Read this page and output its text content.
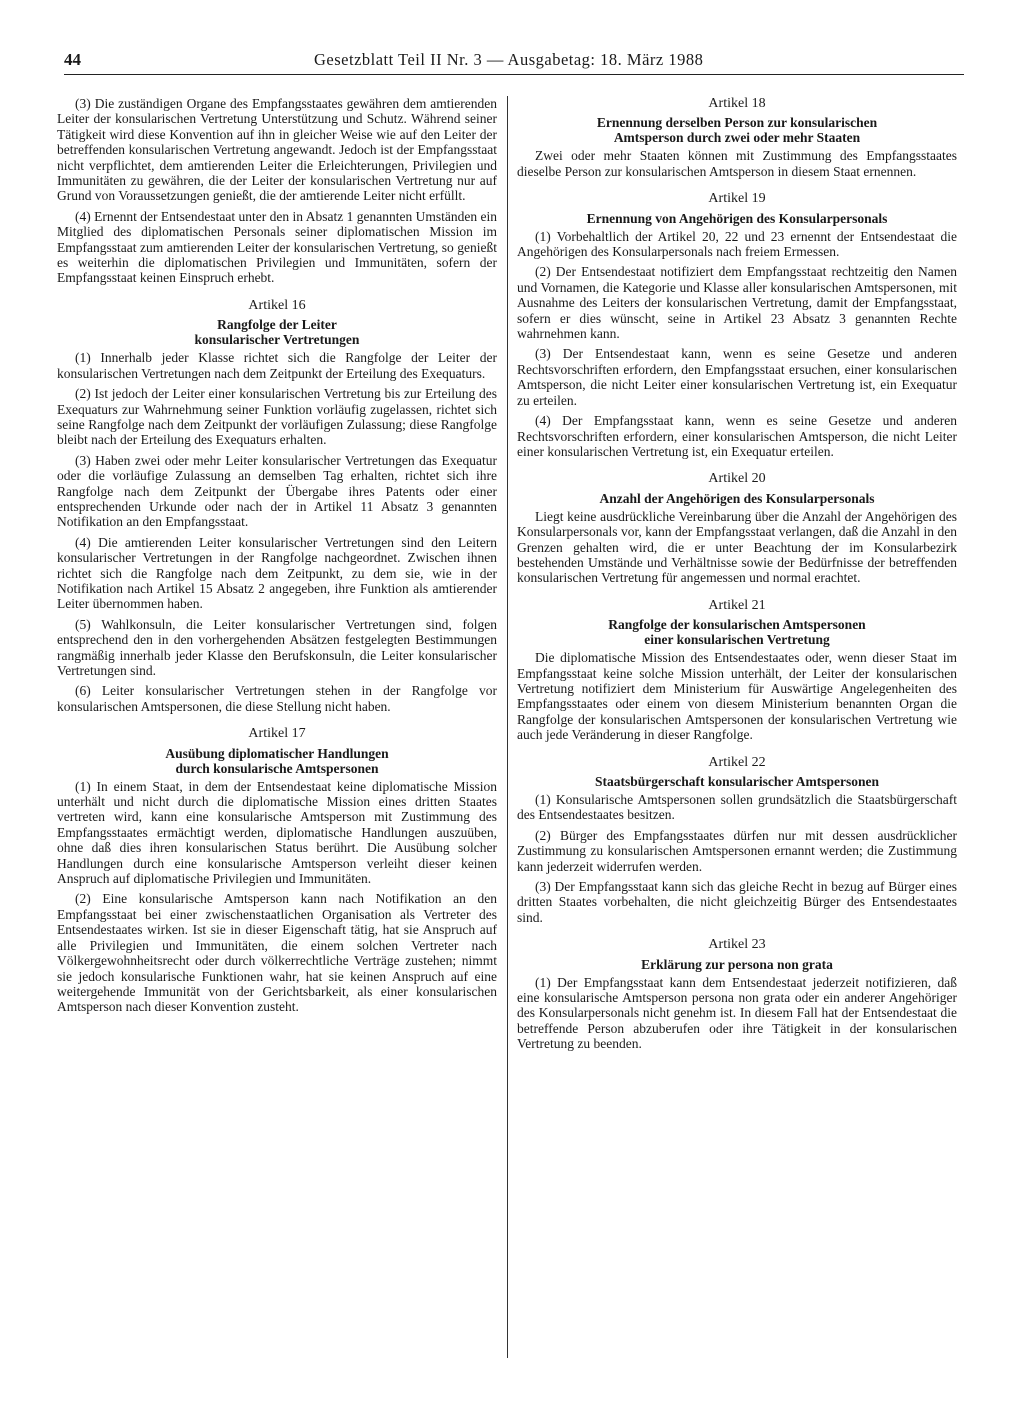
44	Gesetzblatt Teil II Nr. 3 — Ausgabetag: 18. März 1988

(3) Die zuständigen Organe des Empfangsstaates gewähren dem amtierenden Leiter der konsularischen Vertretung Unterstützung und Schutz. Während seiner Tätigkeit wird diese Konvention auf ihn in gleicher Weise wie auf den Leiter der betreffenden konsularischen Vertretung angewandt. Jedoch ist der Empfangsstaat nicht verpflichtet, dem amtierenden Leiter die Erleichterungen, Privilegien und Immunitäten zu gewähren, die der Leiter der konsularischen Vertretung nur auf Grund von Voraussetzungen genießt, die der amtierende Leiter nicht erfüllt.

(4) Ernennt der Entsendestaat unter den in Absatz 1 genannten Umständen ein Mitglied des diplomatischen Personals seiner diplomatischen Mission im Empfangsstaat zum amtierenden Leiter der konsularischen Vertretung, so genießt es weiterhin die diplomatischen Privilegien und Immunitäten, sofern der Empfangsstaat keinen Einspruch erhebt.

Artikel 16
Rangfolge der Leiter
konsularischer Vertretungen

(1) Innerhalb jeder Klasse richtet sich die Rangfolge der Leiter der konsularischen Vertretungen nach dem Zeitpunkt der Erteilung des Exequaturs.

(2) Ist jedoch der Leiter einer konsularischen Vertretung bis zur Erteilung des Exequaturs zur Wahrnehmung seiner Funktion vorläufig zugelassen, richtet sich seine Rangfolge nach dem Zeitpunkt der vorläufigen Zulassung; diese Rangfolge bleibt nach der Erteilung des Exequaturs erhalten.

(3) Haben zwei oder mehr Leiter konsularischer Vertretungen das Exequatur oder die vorläufige Zulassung an demselben Tag erhalten, richtet sich ihre Rangfolge nach dem Zeitpunkt der Übergabe ihres Patents oder einer entsprechenden Urkunde oder nach der in Artikel 11 Absatz 3 genannten Notifikation an den Empfangsstaat.

(4) Die amtierenden Leiter konsularischer Vertretungen sind den Leitern konsularischer Vertretungen in der Rangfolge nachgeordnet. Zwischen ihnen richtet sich die Rangfolge nach dem Zeitpunkt, zu dem sie, wie in der Notifikation nach Artikel 15 Absatz 2 angegeben, ihre Funktion als amtierender Leiter übernommen haben.

(5) Wahlkonsuln, die Leiter konsularischer Vertretungen sind, folgen entsprechend den in den vorhergehenden Absätzen festgelegten Bestimmungen rangmäßig innerhalb jeder Klasse den Berufskonsuln, die Leiter konsularischer Vertretungen sind.

(6) Leiter konsularischer Vertretungen stehen in der Rangfolge vor konsularischen Amtspersonen, die diese Stellung nicht haben.

Artikel 17
Ausübung diplomatischer Handlungen
durch konsularische Amtspersonen

(1) In einem Staat, in dem der Entsendestaat keine diplomatische Mission unterhält und nicht durch die diplomatische Mission eines dritten Staates vertreten wird, kann eine konsularische Amtsperson mit Zustimmung des Empfangsstaates ermächtigt werden, diplomatische Handlungen auszuüben, ohne daß dies ihren konsularischen Status berührt. Die Ausübung solcher Handlungen durch eine konsularische Amtsperson verleiht dieser keinen Anspruch auf diplomatische Privilegien und Immunitäten.

(2) Eine konsularische Amtsperson kann nach Notifikation an den Empfangsstaat bei einer zwischenstaatlichen Organisation als Vertreter des Entsendestaates wirken. Ist sie in dieser Eigenschaft tätig, hat sie Anspruch auf alle Privilegien und Immunitäten, die einem solchen Vertreter nach Völkergewohnheitsrecht oder durch völkerrechtliche Verträge zustehen; nimmt sie jedoch konsularische Funktionen wahr, hat sie keinen Anspruch auf eine weitergehende Immunität von der Gerichtsbarkeit, als einer konsularischen Amtsperson nach dieser Konvention zusteht.

Artikel 18
Ernennung derselben Person zur konsularischen
Amtsperson durch zwei oder mehr Staaten

Zwei oder mehr Staaten können mit Zustimmung des Empfangsstaates dieselbe Person zur konsularischen Amtsperson in diesem Staat ernennen.

Artikel 19
Ernennung von Angehörigen des Konsularpersonals

(1) Vorbehaltlich der Artikel 20, 22 und 23 ernennt der Entsendestaat die Angehörigen des Konsularpersonals nach freiem Ermessen.

(2) Der Entsendestaat notifiziert dem Empfangsstaat rechtzeitig den Namen und Vornamen, die Kategorie und Klasse aller konsularischen Amtspersonen, mit Ausnahme des Leiters der konsularischen Vertretung, damit der Empfangsstaat, sofern er dies wünscht, seine in Artikel 23 Absatz 3 genannten Rechte wahrnehmen kann.

(3) Der Entsendestaat kann, wenn es seine Gesetze und anderen Rechtsvorschriften erfordern, den Empfangsstaat ersuchen, einer konsularischen Amtsperson, die nicht Leiter einer konsularischen Vertretung ist, ein Exequatur zu erteilen.

(4) Der Empfangsstaat kann, wenn es seine Gesetze und anderen Rechtsvorschriften erfordern, einer konsularischen Amtsperson, die nicht Leiter einer konsularischen Vertretung ist, ein Exequatur erteilen.

Artikel 20
Anzahl der Angehörigen des Konsularpersonals

Liegt keine ausdrückliche Vereinbarung über die Anzahl der Angehörigen des Konsularpersonals vor, kann der Empfangsstaat verlangen, daß die Anzahl in den Grenzen gehalten wird, die er unter Beachtung der im Konsularbezirk bestehenden Umstände und Verhältnisse sowie der Bedürfnisse der betreffenden konsularischen Vertretung für angemessen und normal erachtet.

Artikel 21
Rangfolge der konsularischen Amtspersonen
einer konsularischen Vertretung

Die diplomatische Mission des Entsendestaates oder, wenn dieser Staat im Empfangsstaat keine solche Mission unterhält, der Leiter der konsularischen Vertretung notifiziert dem Ministerium für Auswärtige Angelegenheiten des Empfangsstaates oder einem von diesem Ministerium benannten Organ die Rangfolge der konsularischen Amtspersonen der konsularischen Vertretung wie auch jede Veränderung in dieser Rangfolge.

Artikel 22
Staatsbürgerschaft konsularischer Amtspersonen

(1) Konsularische Amtspersonen sollen grundsätzlich die Staatsbürgerschaft des Entsendestaates besitzen.

(2) Bürger des Empfangsstaates dürfen nur mit dessen ausdrücklicher Zustimmung zu konsularischen Amtspersonen ernannt werden; die Zustimmung kann jederzeit widerrufen werden.

(3) Der Empfangsstaat kann sich das gleiche Recht in bezug auf Bürger eines dritten Staates vorbehalten, die nicht gleichzeitig Bürger des Entsendestaates sind.

Artikel 23
Erklärung zur persona non grata

(1) Der Empfangsstaat kann dem Entsendestaat jederzeit notifizieren, daß eine konsularische Amtsperson persona non grata oder ein anderer Angehöriger des Konsularpersonals nicht genehm ist. In diesem Fall hat der Entsendestaat die betreffende Person abzuberufen oder ihre Tätigkeit in der konsularischen Vertretung zu beenden.
